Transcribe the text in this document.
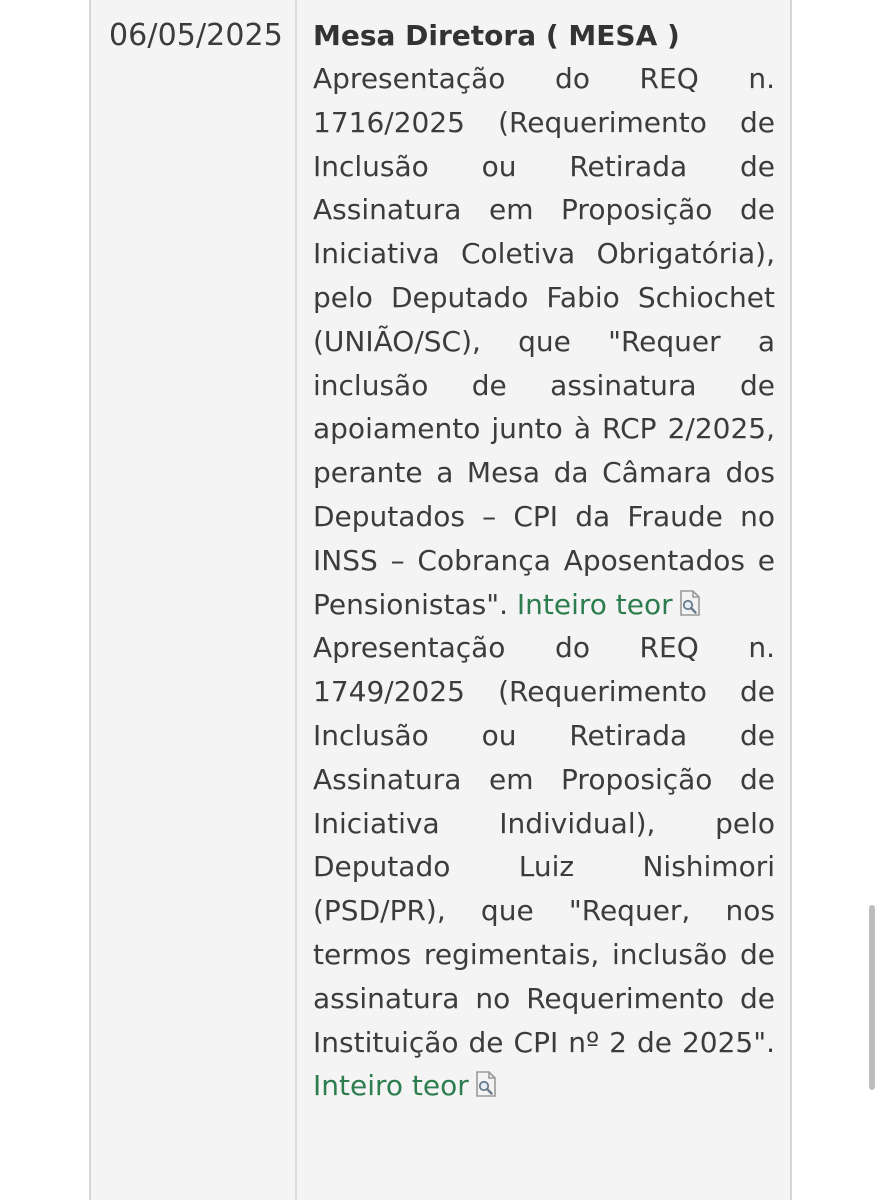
06/05/2025 Mesa Diretora ( MESA )

Apresentação do REQ n. 1716/2025 (Requerimento de Inclusão ou Retirada de Assinatura em Proposição de Iniciativa Coletiva Obrigatória), pelo Deputado Fabio Schiochet (UNIÃO/SC), que "Requer a inclusão de assinatura de apoiamento junto à RCP 2/2025, perante a Mesa da Câmara dos Deputados – CPI da Fraude no INSS – Cobrança Aposentados e Pensionistas". Inteiro teor

Apresentação do REQ n. 1749/2025 (Requerimento de Inclusão ou Retirada de Assinatura em Proposição de Iniciativa Individual), pelo Deputado Luiz Nishimori (PSD/PR), que "Requer, nos termos regimentais, inclusão de assinatura no Requerimento de Instituição de CPI nº 2 de 2025". Inteiro teor
